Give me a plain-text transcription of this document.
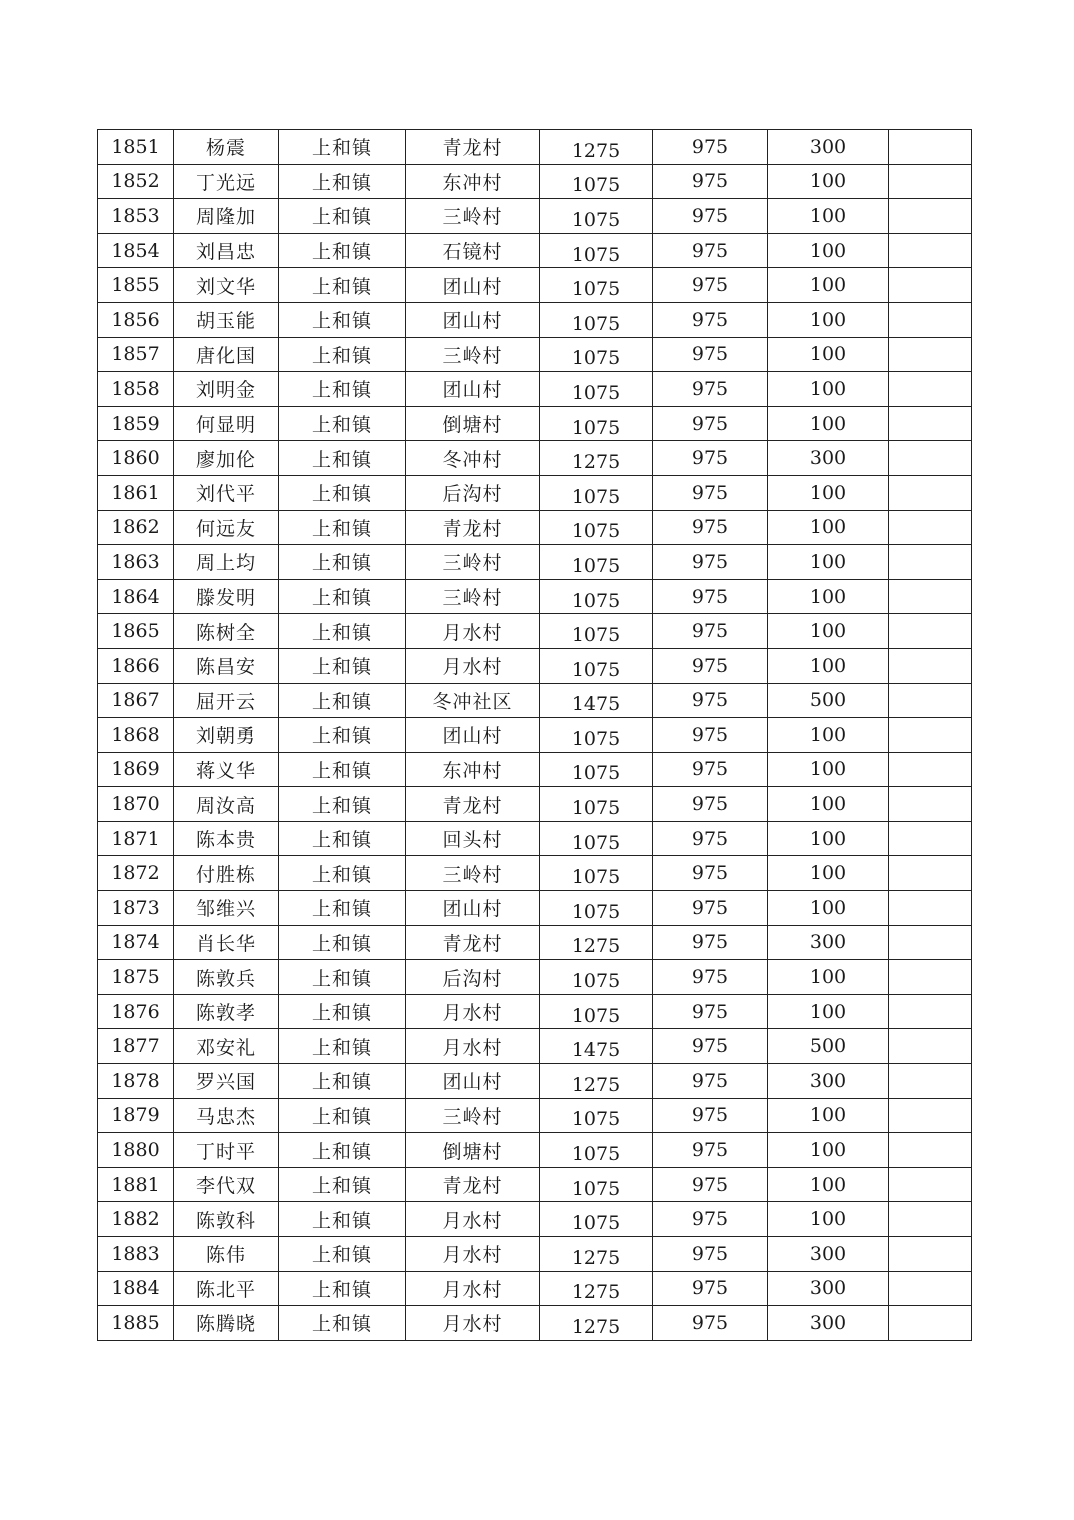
1851	杨震	上和镇	青龙村	1275	975	300	
1852	丁光远	上和镇	东冲村	1075	975	100	
1853	周隆加	上和镇	三岭村	1075	975	100	
1854	刘昌忠	上和镇	石镜村	1075	975	100	
1855	刘文华	上和镇	团山村	1075	975	100	
1856	胡玉能	上和镇	团山村	1075	975	100	
1857	唐化国	上和镇	三岭村	1075	975	100	
1858	刘明金	上和镇	团山村	1075	975	100	
1859	何显明	上和镇	倒塘村	1075	975	100	
1860	廖加伦	上和镇	冬冲村	1275	975	300	
1861	刘代平	上和镇	后沟村	1075	975	100	
1862	何远友	上和镇	青龙村	1075	975	100	
1863	周上均	上和镇	三岭村	1075	975	100	
1864	滕发明	上和镇	三岭村	1075	975	100	
1865	陈树全	上和镇	月水村	1075	975	100	
1866	陈昌安	上和镇	月水村	1075	975	100	
1867	屈开云	上和镇	冬冲社区	1475	975	500	
1868	刘朝勇	上和镇	团山村	1075	975	100	
1869	蒋义华	上和镇	东冲村	1075	975	100	
1870	周汝高	上和镇	青龙村	1075	975	100	
1871	陈本贵	上和镇	回头村	1075	975	100	
1872	付胜栋	上和镇	三岭村	1075	975	100	
1873	邹维兴	上和镇	团山村	1075	975	100	
1874	肖长华	上和镇	青龙村	1275	975	300	
1875	陈敦兵	上和镇	后沟村	1075	975	100	
1876	陈敦孝	上和镇	月水村	1075	975	100	
1877	邓安礼	上和镇	月水村	1475	975	500	
1878	罗兴国	上和镇	团山村	1275	975	300	
1879	马忠杰	上和镇	三岭村	1075	975	100	
1880	丁时平	上和镇	倒塘村	1075	975	100	
1881	李代双	上和镇	青龙村	1075	975	100	
1882	陈敦科	上和镇	月水村	1075	975	100	
1883	陈伟	上和镇	月水村	1275	975	300	
1884	陈北平	上和镇	月水村	1275	975	300	
1885	陈腾晓	上和镇	月水村	1275	975	300	
